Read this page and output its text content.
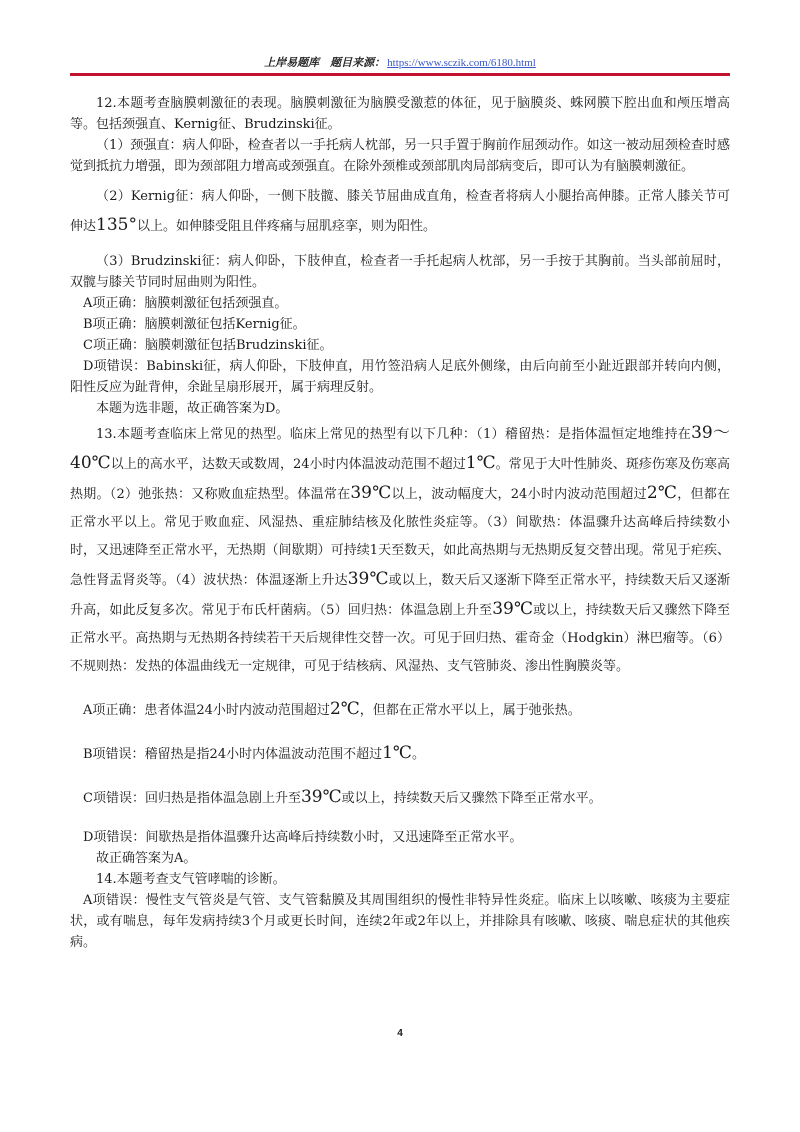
上岸易题库　题目来源： https://www.sczik.com/6180.html

12.本题考查脑膜刺激征的表现。脑膜刺激征为脑膜受激惹的体征，见于脑膜炎、蛛网膜下腔出血和颅压增高等。包括颈强直、Kernig征、Brudzinski征。

（1）颈强直：病人仰卧，检查者以一手托病人枕部，另一只手置于胸前作屈颈动作。如这一被动屈颈检查时感觉到抵抗力增强，即为颈部阻力增高或颈强直。在除外颈椎或颈部肌肉局部病变后，即可认为有脑膜刺激征。

（2）Kernig征：病人仰卧，一侧下肢髋、膝关节屈曲成直角，检查者将病人小腿抬高伸膝。正常人膝关节可伸达135°以上。如伸膝受阻且伴疼痛与屈肌痉挛，则为阳性。

（3）Brudzinski征：病人仰卧，下肢伸直，检查者一手托起病人枕部，另一手按于其胸前。当头部前屈时，双髋与膝关节同时屈曲则为阳性。

A项正确：脑膜刺激征包括颈强直。

B项正确：脑膜刺激征包括Kernig征。

C项正确：脑膜刺激征包括Brudzinski征。

D项错误：Babinski征，病人仰卧，下肢伸直，用竹签沿病人足底外侧缘，由后向前至小趾近跟部并转向内侧，阳性反应为趾背伸，余趾呈扇形展开，属于病理反射。

本题为选非题，故正确答案为D。

13.本题考查临床上常见的热型。临床上常见的热型有以下几种：（1）稽留热：是指体温恒定地维持在39～40℃以上的高水平，达数天或数周，24小时内体温波动范围不超过1℃。常见于大叶性肺炎、斑疹伤寒及伤寒高热期。（2）弛张热：又称败血症热型。体温常在39℃以上，波动幅度大，24小时内波动范围超过2℃，但都在正常水平以上。常见于败血症、风湿热、重症肺结核及化脓性炎症等。（3）间歇热：体温骤升达高峰后持续数小时，又迅速降至正常水平，无热期（间歇期）可持续1天至数天，如此高热期与无热期反复交替出现。常见于疟疾、急性肾盂肾炎等。（4）波状热：体温逐渐上升达39℃或以上，数天后又逐渐下降至正常水平，持续数天后又逐渐升高，如此反复多次。常见于布氏杆菌病。（5）回归热：体温急剧上升至39℃或以上，持续数天后又骤然下降至正常水平。高热期与无热期各持续若干天后规律性交替一次。可见于回归热、霍奇金（Hodgkin）淋巴瘤等。（6）不规则热：发热的体温曲线无一定规律，可见于结核病、风湿热、支气管肺炎、渗出性胸膜炎等。

A项正确：患者体温24小时内波动范围超过2℃，但都在正常水平以上，属于弛张热。

B项错误：稽留热是指24小时内体温波动范围不超过1℃。

C项错误：回归热是指体温急剧上升至39℃或以上，持续数天后又骤然下降至正常水平。

D项错误：间歇热是指体温骤升达高峰后持续数小时，又迅速降至正常水平。

故正确答案为A。

14.本题考查支气管哮喘的诊断。

A项错误：慢性支气管炎是气管、支气管黏膜及其周围组织的慢性非特异性炎症。临床上以咳嗽、咳痰为主要症状，或有喘息，每年发病持续3个月或更长时间，连续2年或2年以上，并排除具有咳嗽、咳痰、喘息症状的其他疾病。

4
